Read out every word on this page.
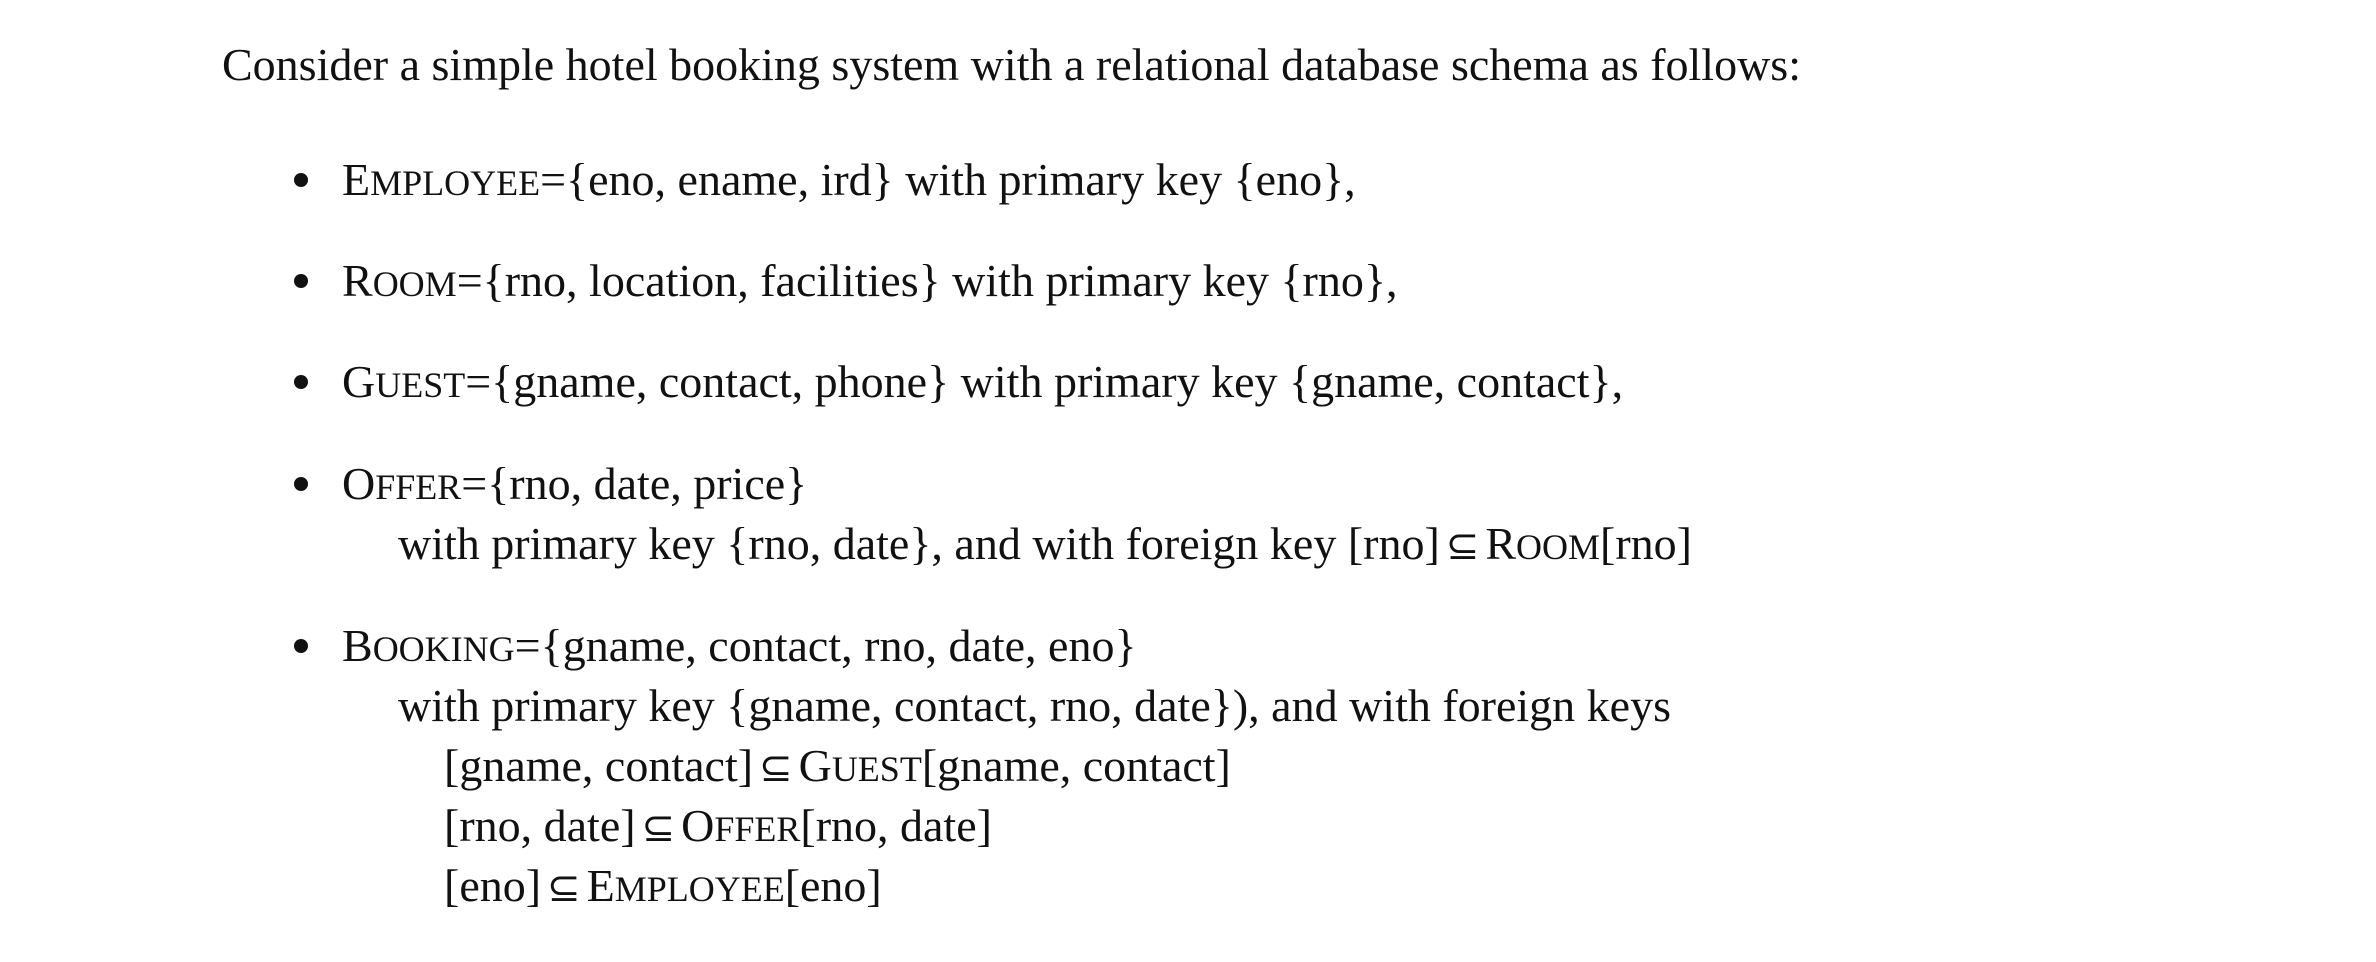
Consider a simple hotel booking system with a relational database schema as follows:
EMPLOYEE={eno, ename, ird} with primary key {eno},
ROOM={rno, location, facilities} with primary key {rno},
GUEST={gname, contact, phone} with primary key {gname, contact},
OFFER={rno, date, price}
with primary key {rno, date}, and with foreign key [rno] ⊆ ROOM[rno]
BOOKING={gname, contact, rno, date, eno}
with primary key {gname, contact, rno, date}), and with foreign keys
[gname, contact] ⊆ GUEST[gname, contact]
[rno, date] ⊆ OFFER[rno, date]
[eno] ⊆ EMPLOYEE[eno]
